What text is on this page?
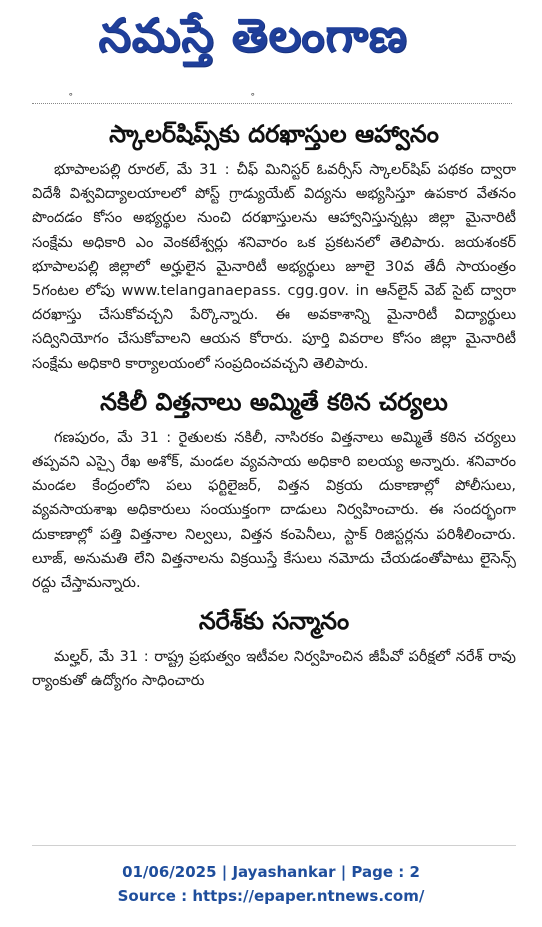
నమస్తే తెలంగాణ
˚	˚
స్కాలర్‌షిప్స్‌కు దరఖాస్తుల ఆహ్వానం

భూపాలపల్లి రూరల్‌, మే 31 : చీఫ్‌ మినిస్టర్‌ ఓవర్సీస్‌ స్కాలర్‌షిప్‌ పథకం ద్వారా విదేశీ విశ్వవిద్యాలయాలలో పోస్ట్‌ గ్రాడ్యుయేట్‌ విద్యను అభ్యసిస్తూ ఉపకార వేతనం పొందడం కోసం అభ్యర్థుల నుంచి దరఖాస్తులను ఆహ్వానిస్తున్నట్లు జిల్లా మైనారిటీ సంక్షేమ అధికారి ఎం వెంకటేశ్వర్లు శనివారం ఒక ప్రకటనలో తెలిపారు. జయశంకర్‌ భూపాలపల్లి జిల్లాలో అర్హులైన మైనారిటీ అభ్యర్థులు జూలై 30వ తేదీ సాయంత్రం 5గంటల లోపు www.telanganaepass. cgg.gov. in ఆన్‌లైన్‌ వెబ్‌ సైట్‌ ద్వారా దరఖాస్తు చేసుకోవచ్చని పేర్కొన్నారు. ఈ అవకాశాన్ని మైనారిటీ విద్యార్థులు సద్వినియోగం చేసుకోవాలని ఆయన కోరారు. పూర్తి వివరాల కోసం జిల్లా మైనారిటీ సంక్షేమ అధికారి కార్యాలయంలో సంప్రదించవచ్చని తెలిపారు.

నకిలీ విత్తనాలు అమ్మితే కఠిన చర్యలు

గణపురం, మే 31 : రైతులకు నకిలీ, నాసిరకం విత్తనాలు అమ్మితే కఠిన చర్యలు తప్పవని ఎస్సై రేఖ అశోక్‌, మండల వ్యవసాయ అధికారి ఐలయ్య అన్నారు. శనివారం మండల కేంద్రంలోని పలు ఫర్టిలైజర్‌, విత్తన విక్రయ దుకాణాల్లో పోలీసులు, వ్యవసాయశాఖ అధికారులు సంయుక్తంగా దాడులు నిర్వహించారు. ఈ సందర్భంగా దుకాణాల్లో పత్తి విత్తనాల నిల్వలు, విత్తన కంపెనీలు, స్టాక్‌ రిజిస్టర్లను పరిశీలించారు. లూజ్‌, అనుమతి లేని విత్తనాలను విక్రయిస్తే కేసులు నమోదు చేయడంతోపాటు లైసెన్స్‌ రద్దు చేస్తామన్నారు.

నరేశ్‌కు సన్మానం

మల్హర్‌, మే 31 : రాష్ట్ర ప్రభుత్వం ఇటీవల నిర్వహించిన జీపీవో పరీక్షలో నరేశ్‌ రావు ర్యాంకుతో ఉద్యోగం సాధించారు

01/06/2025 | Jayashankar | Page : 2
Source : https://epaper.ntnews.com/
